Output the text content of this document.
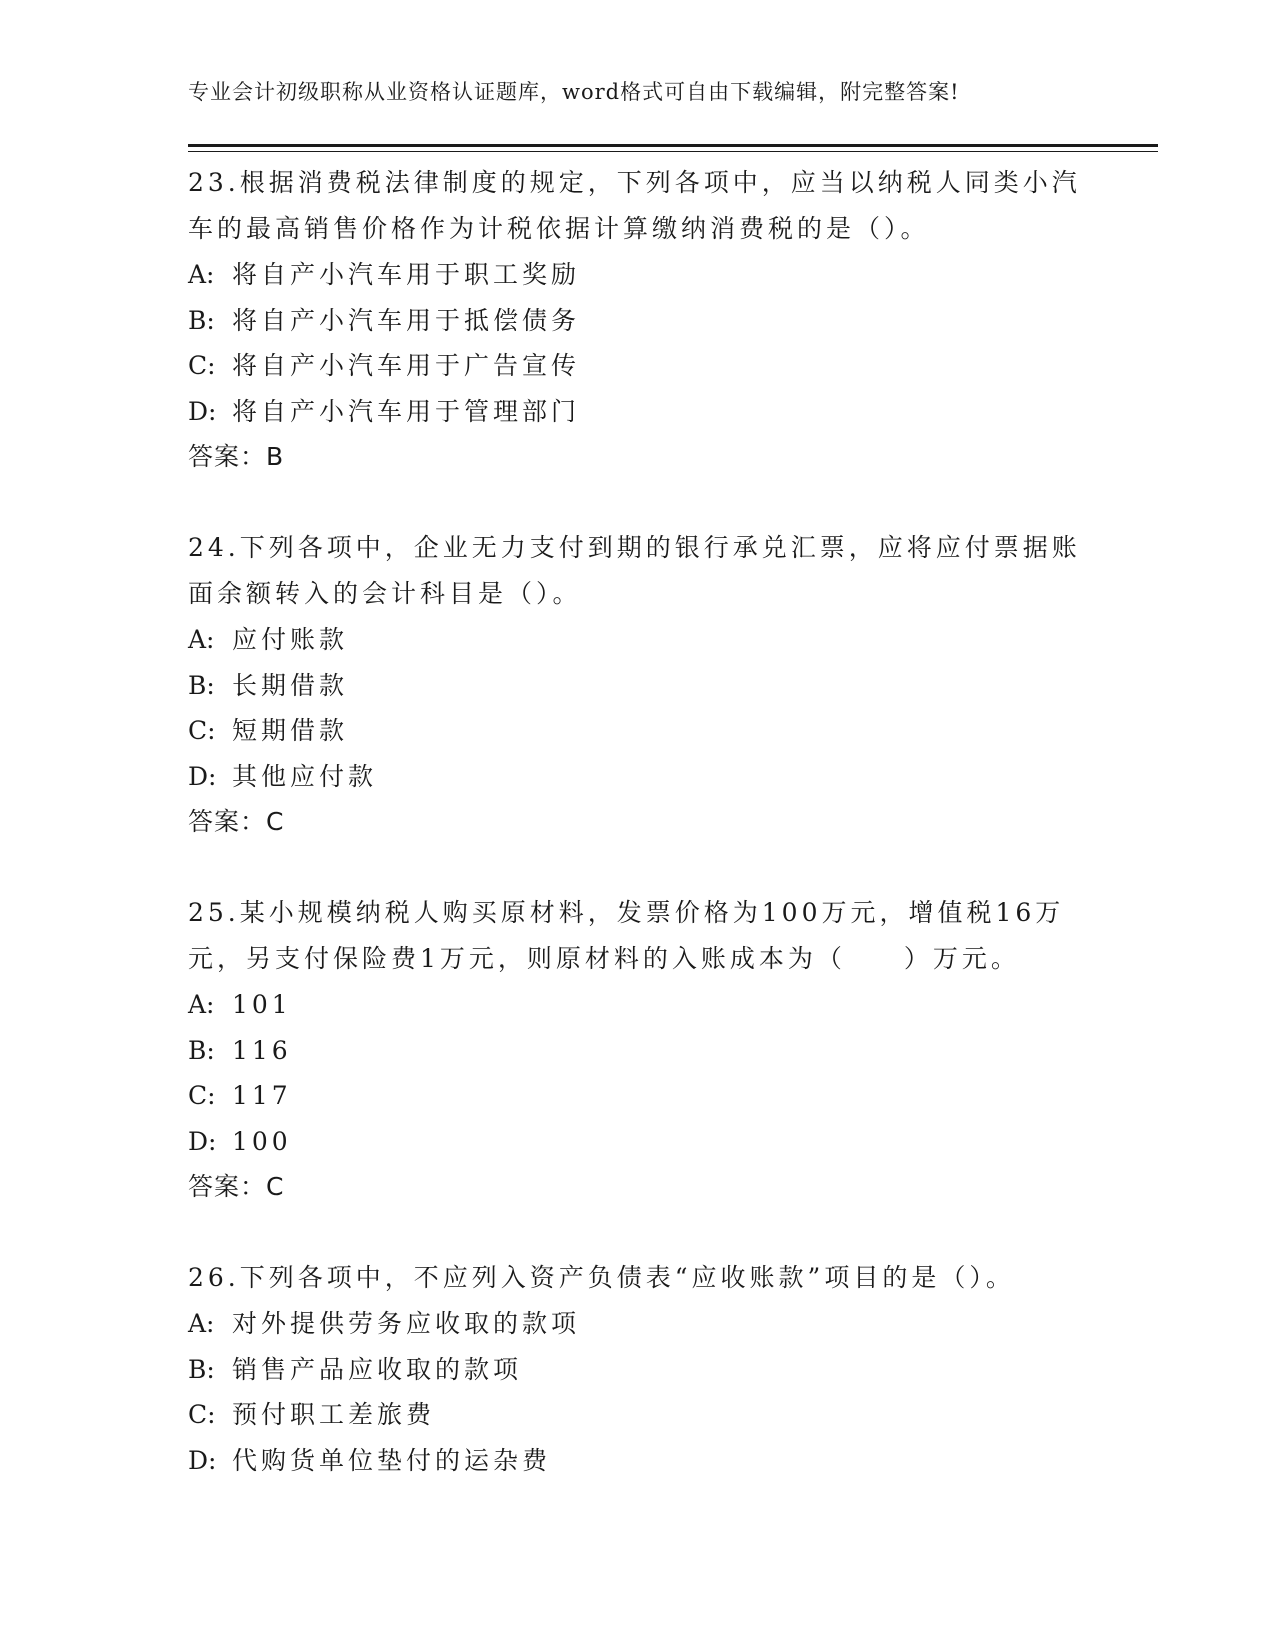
专业会计初级职称从业资格认证题库，word格式可自由下载编辑，附完整答案!
23.根据消费税法律制度的规定，下列各项中，应当以纳税人同类小汽车的最高销售价格作为计税依据计算缴纳消费税的是（）。
A: 将自产小汽车用于职工奖励
B: 将自产小汽车用于抵偿债务
C: 将自产小汽车用于广告宣传
D: 将自产小汽车用于管理部门
答案：B
24.下列各项中，企业无力支付到期的银行承兑汇票，应将应付票据账面余额转入的会计科目是（）。
A: 应付账款
B: 长期借款
C: 短期借款
D: 其他应付款
答案：C
25.某小规模纳税人购买原材料，发票价格为100万元，增值税16万元，另支付保险费1万元，则原材料的入账成本为（　　）万元。
A: 101
B: 116
C: 117
D: 100
答案：C
26.下列各项中，不应列入资产负债表“应收账款”项目的是（）。
A: 对外提供劳务应收取的款项
B: 销售产品应收取的款项
C: 预付职工差旅费
D: 代购货单位垫付的运杂费
